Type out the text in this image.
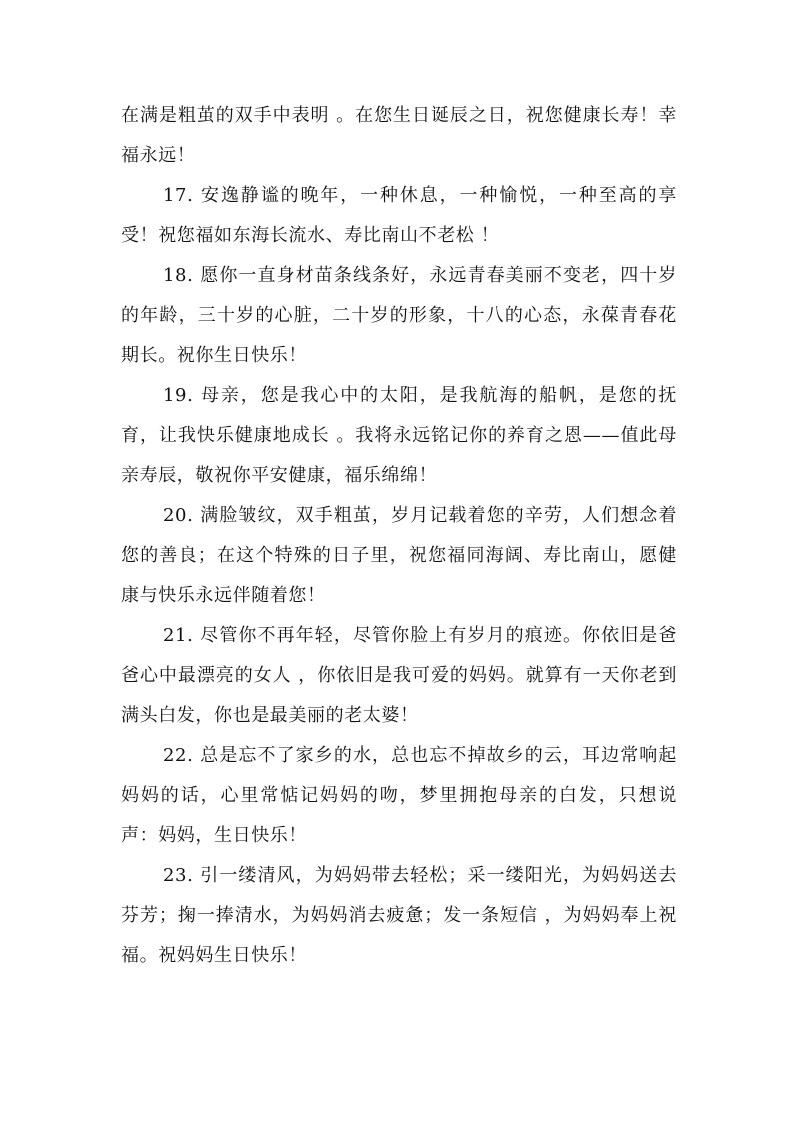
在满是粗茧的双手中表明 。在您生日诞辰之日，祝您健康长寿！幸福永远！

17. 安逸静谧的晚年，一种休息，一种愉悦，一种至高的享受！祝您福如东海长流水、寿比南山不老松 ！

18. 愿你一直身材苗条线条好，永远青春美丽不变老，四十岁的年龄，三十岁的心脏，二十岁的形象，十八的心态，永葆青春花期长。祝你生日快乐！

19. 母亲，您是我心中的太阳，是我航海的船帆，是您的抚育，让我快乐健康地成长 。我将永远铭记你的养育之恩——值此母亲寿辰，敬祝你平安健康，福乐绵绵！

20. 满脸皱纹，双手粗茧，岁月记载着您的辛劳，人们想念着您的善良；在这个特殊的日子里，祝您福同海阔、寿比南山，愿健康与快乐永远伴随着您！

21. 尽管你不再年轻，尽管你脸上有岁月的痕迹。你依旧是爸爸心中最漂亮的女人 ，你依旧是我可爱的妈妈。就算有一天你老到满头白发，你也是最美丽的老太婆！

22. 总是忘不了家乡的水，总也忘不掉故乡的云，耳边常响起妈妈的话，心里常惦记妈妈的吻，梦里拥抱母亲的白发，只想说声：妈妈，生日快乐！

23. 引一缕清风，为妈妈带去轻松；采一缕阳光，为妈妈送去芬芳；掬一捧清水，为妈妈消去疲惫；发一条短信 ，为妈妈奉上祝福。祝妈妈生日快乐！
